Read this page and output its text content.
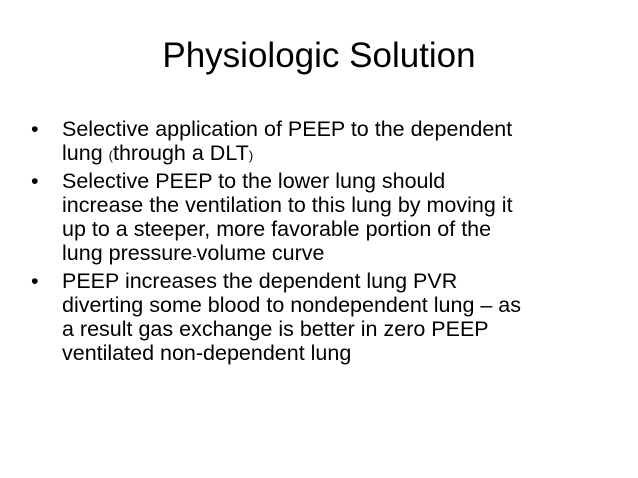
Physiologic Solution
•	Selective application of PEEP to the dependent
lung (through a DLT)
•	Selective PEEP to the lower lung should
increase the ventilation to this lung by moving it
up to a steeper, more favorable portion of the
lung pressure-volume curve
•	PEEP increases the dependent lung PVR
diverting some blood to nondependent lung – as
a result gas exchange is better in zero PEEP
ventilated non-dependent lung
